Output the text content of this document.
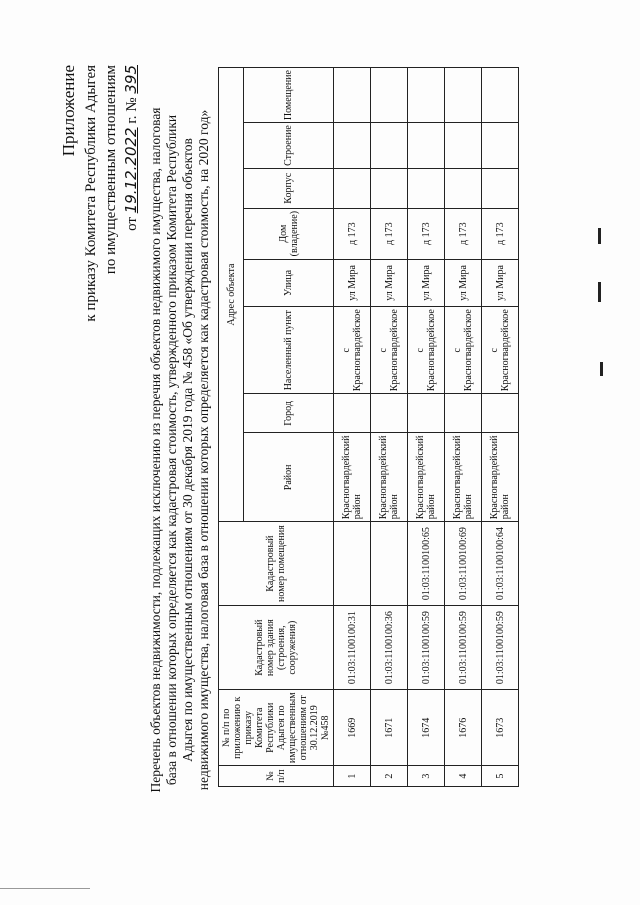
Приложение к приказу Комитета Республики Адыгея по имущественным отношениям от 19.12.2022 г. № 395
Перечень объектов недвижимости, подлежащих исключению из перечня объектов недвижимого имущества, налоговая база в отношении которых определяется как кадастровая стоимость, утвержденного приказом Комитета Республики Адыгея по имущественным отношениям от 30 декабря 2019 года № 458 «Об утверждении перечня объектов недвижимого имущества, налоговая база в отношении которых определяется как кадастровая стоимость, на 2020 год»	№ п/п	№ п/п по приложению к приказу Комитета Республики Адыгея по имущественным отношениям от 30.12.2019 №458	Кадастровый номер здания (строения, сооружения)	Кадастровый номер помещения	Адрес объекта							
				Район	Город	Населенный пункт	Улица	Дом (владение)	Корпус	Строение	Помещение
1	1669	01:03:1100100:31		Красногвардейский район		с Красногвардейское	ул Мира	д 173			
2	1671	01:03:1100100:36		Красногвардейский район		с Красногвардейское	ул Мира	д 173			
3	1674	01:03:1100100:59	01:03:1100100:65	Красногвардейский район		с Красногвардейское	ул Мира	д 173			
4	1676	01:03:1100100:59	01:03:1100100:69	Красногвардейский район		с Красногвардейское	ул Мира	д 173			
5	1673	01:03:1100100:59	01:03:1100100:64	Красногвардейский район		с Красногвардейское	ул Мира	д 173			
